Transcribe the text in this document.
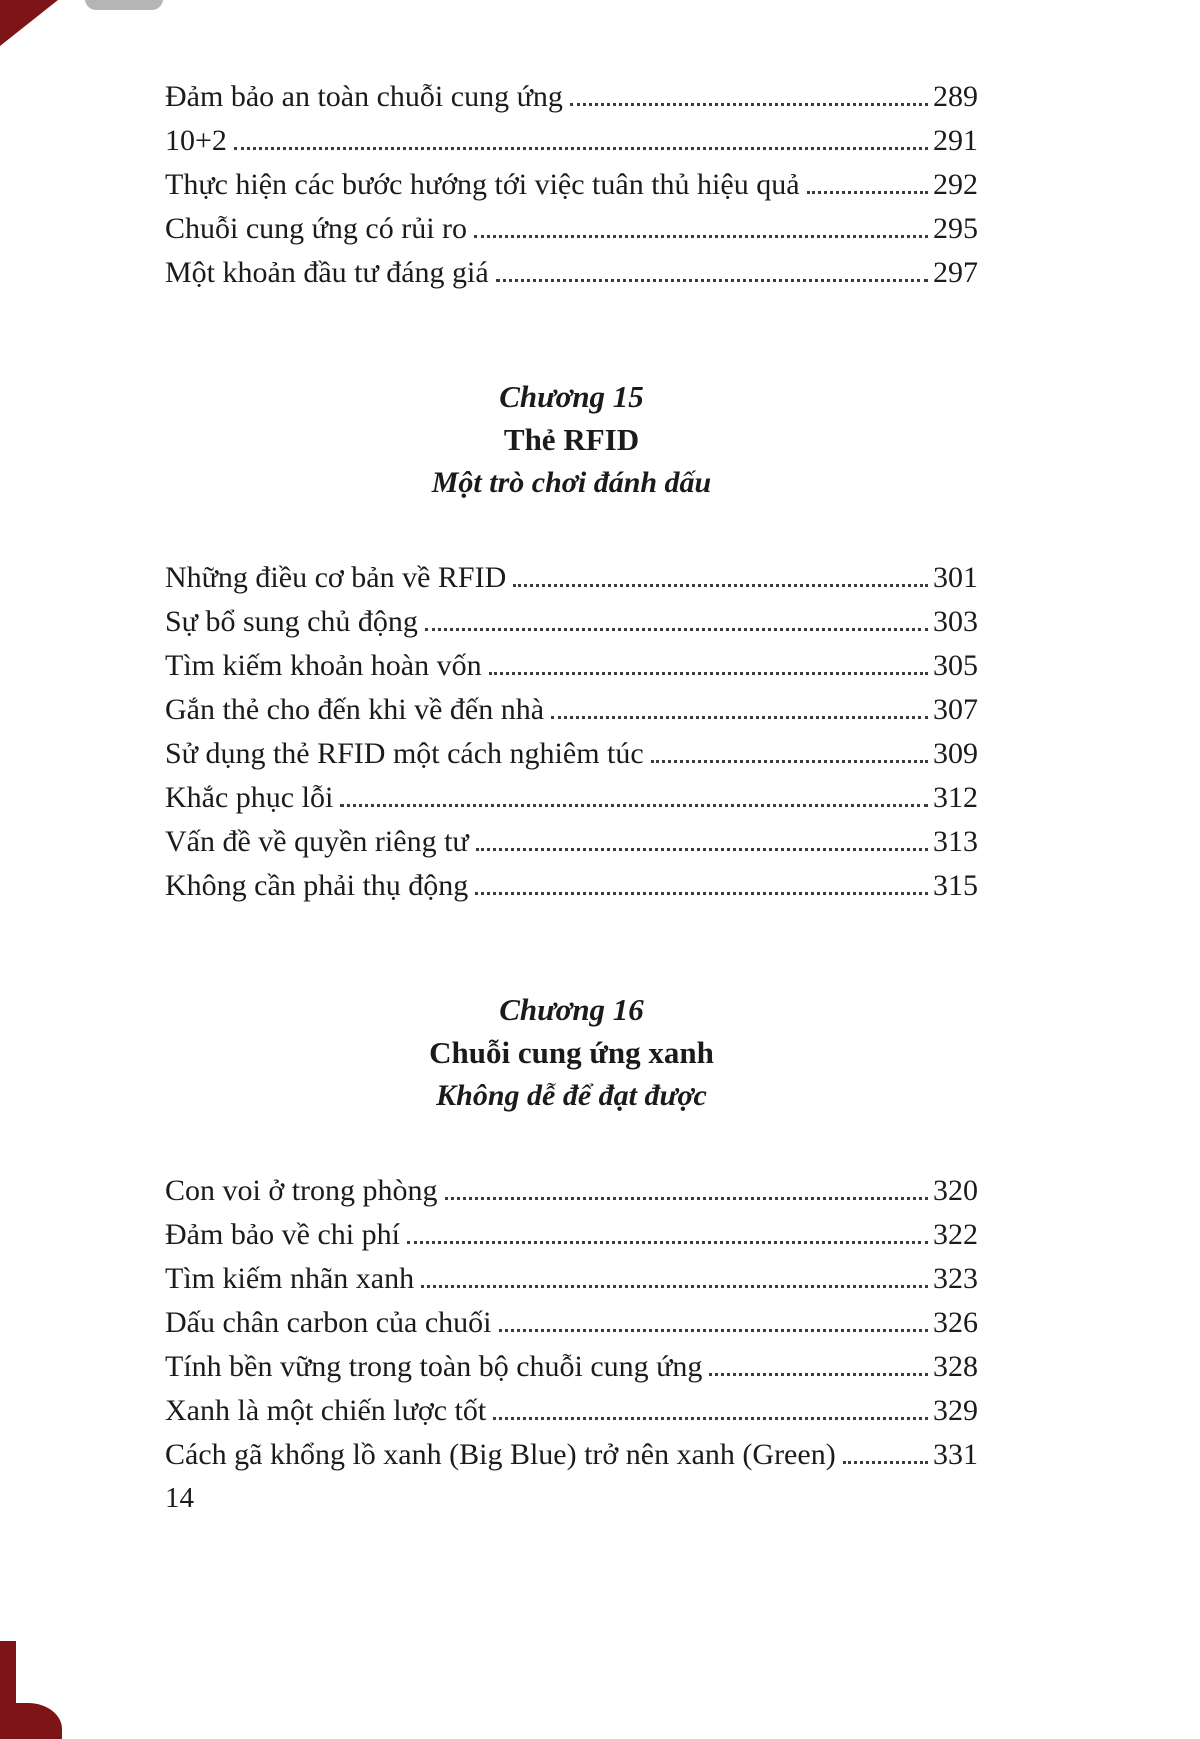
Đảm bảo an toàn chuỗi cung ứng	289
10+2	291
Thực hiện các bước hướng tới việc tuân thủ hiệu quả	292
Chuỗi cung ứng có rủi ro	295
Một khoản đầu tư đáng giá	297
Chương 15
Thẻ RFID
Một trò chơi đánh dấu
Những điều cơ bản về RFID	301
Sự bổ sung chủ động	303
Tìm kiếm khoản hoàn vốn	305
Gắn thẻ cho đến khi về đến nhà	307
Sử dụng thẻ RFID một cách nghiêm túc	309
Khắc phục lỗi	312
Vấn đề về quyền riêng tư	313
Không cần phải thụ động	315
Chương 16
Chuỗi cung ứng xanh
Không dễ để đạt được
Con voi ở trong phòng	320
Đảm bảo về chi phí	322
Tìm kiếm nhãn xanh	323
Dấu chân carbon của chuối	326
Tính bền vững trong toàn bộ chuỗi cung ứng	328
Xanh là một chiến lược tốt	329
Cách gã khổng lồ xanh (Big Blue) trở nên xanh (Green)	331
14
